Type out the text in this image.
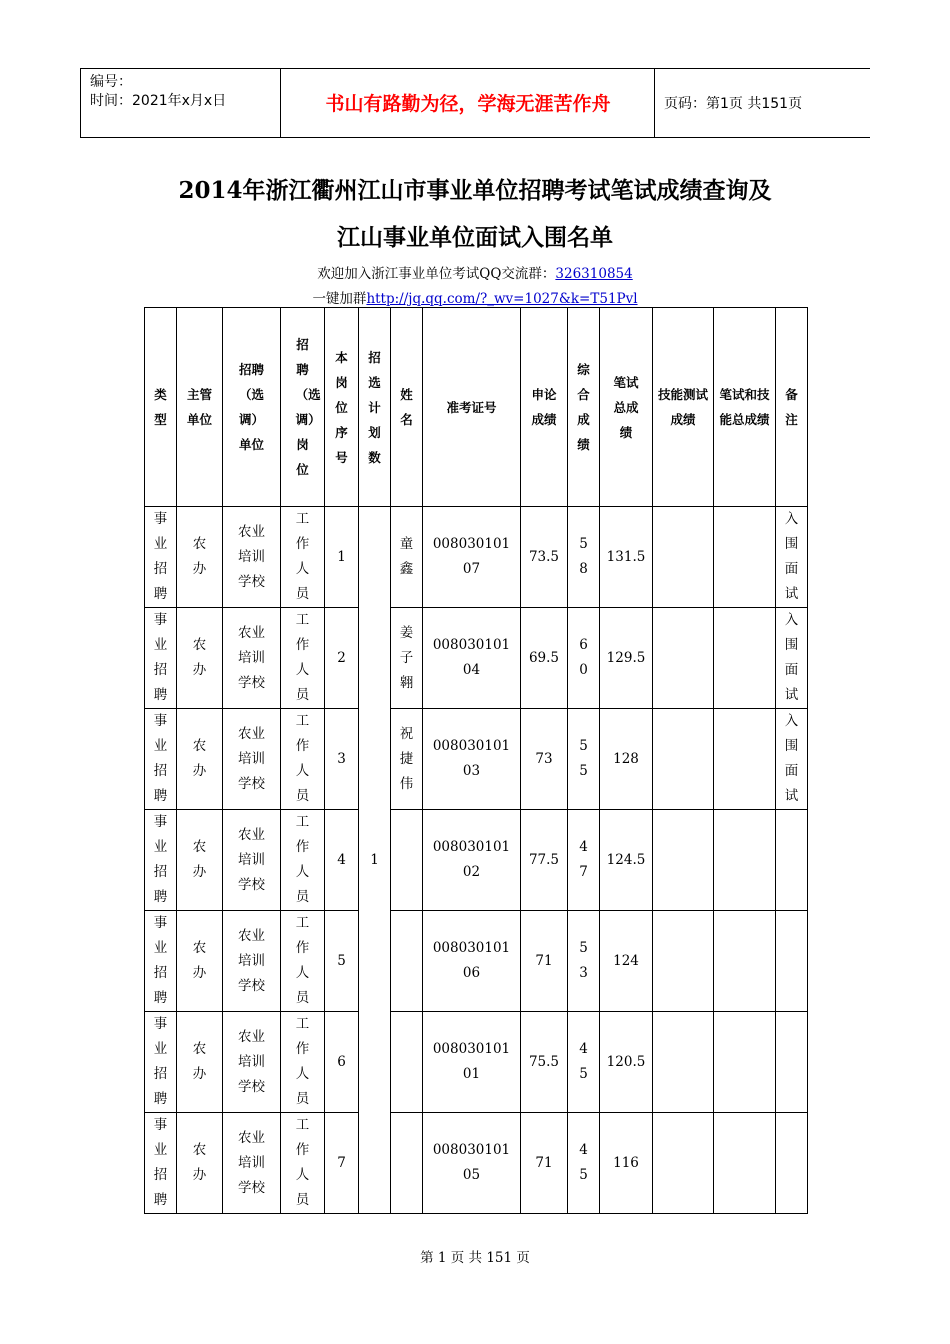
编号：
时间：2021年x月x日	书山有路勤为径，学海无涯苦作舟	页码：第1页 共151页
2014年浙江衢州江山市事业单位招聘考试笔试成绩查询及
江山事业单位面试入围名单
欢迎加入浙江事业单位考试QQ交流群：326310854
一键加群http://jq.qq.com/?_wv=1027&k=T51Pvl
类型	主管单位	招聘（选调）单位	招聘（选调）岗位	本岗位序号	招选计划数	姓名	准考证号	申论成绩	综合成绩	笔试总成绩	技能测试成绩	笔试和技能总成绩	备注
事业招聘	农办	农业培训学校	工作人员	1	1	童鑫	00803010107	73.5	58	131.5			入围面试
事业招聘	农办	农业培训学校	工作人员	2		姜子翱	00803010104	69.5	60	129.5			入围面试
事业招聘	农办	农业培训学校	工作人员	3		祝捷伟	00803010103	73	55	128			入围面试
事业招聘	农办	农业培训学校	工作人员	4			00803010102	77.5	47	124.5			
事业招聘	农办	农业培训学校	工作人员	5			00803010106	71	53	124			
事业招聘	农办	农业培训学校	工作人员	6			00803010101	75.5	45	120.5			
事业招聘	农办	农业培训学校	工作人员	7			00803010105	71	45	116			
第 1 页 共 151 页
